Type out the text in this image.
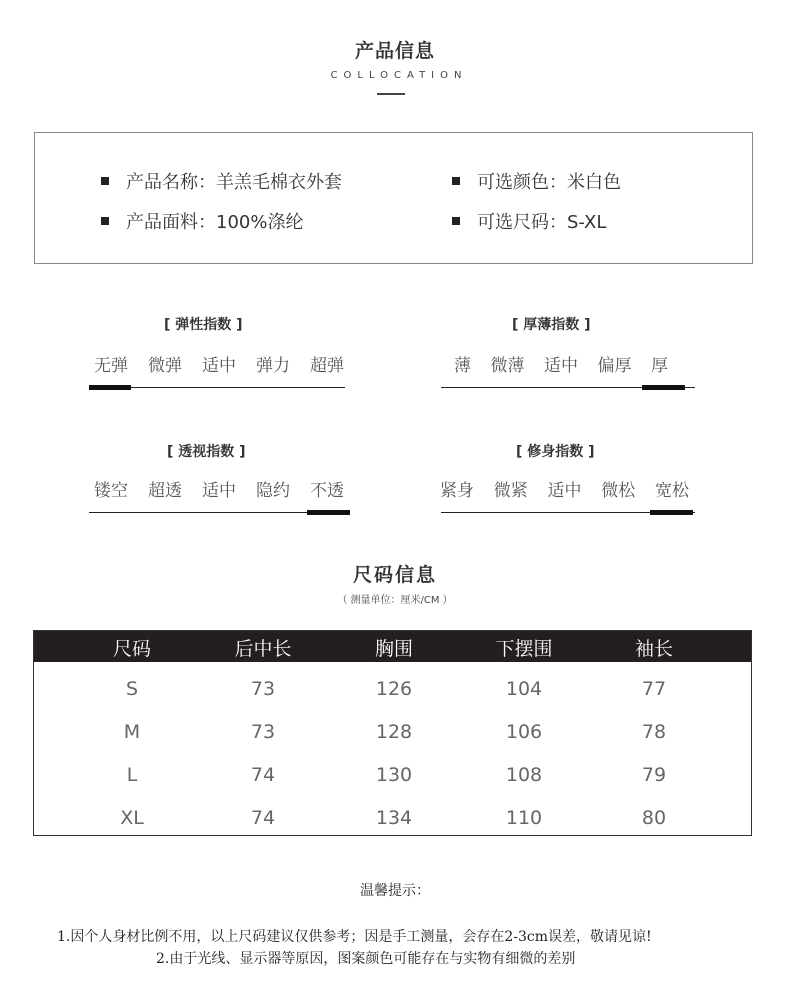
产品信息
COLLOCATION
产品名称：羊羔毛棉衣外套
产品面料：100%涤纶
可选颜色：米白色
可选尺码：S-XL
[ 弹性指数 ]
无弹 微弹 适中 弹力 超弹
[ 厚薄指数 ]
薄 微薄 适中 偏厚 厚
[ 透视指数 ]
镂空 超透 适中 隐约 不透
[ 修身指数 ]
紧身 微紧 适中 微松 宽松
尺码信息
（ 测量单位：厘米/CM ）
尺码	后中长	胸围	下摆围	袖长
S	73	126	104	77
M	73	128	106	78
L	74	130	108	79
XL	74	134	110	80
温馨提示：
1.因个人身材比例不用，以上尺码建议仅供参考；因是手工测量，会存在2-3cm误差，敬请见谅!
2.由于光线、显示器等原因，图案颜色可能存在与实物有细微的差别
